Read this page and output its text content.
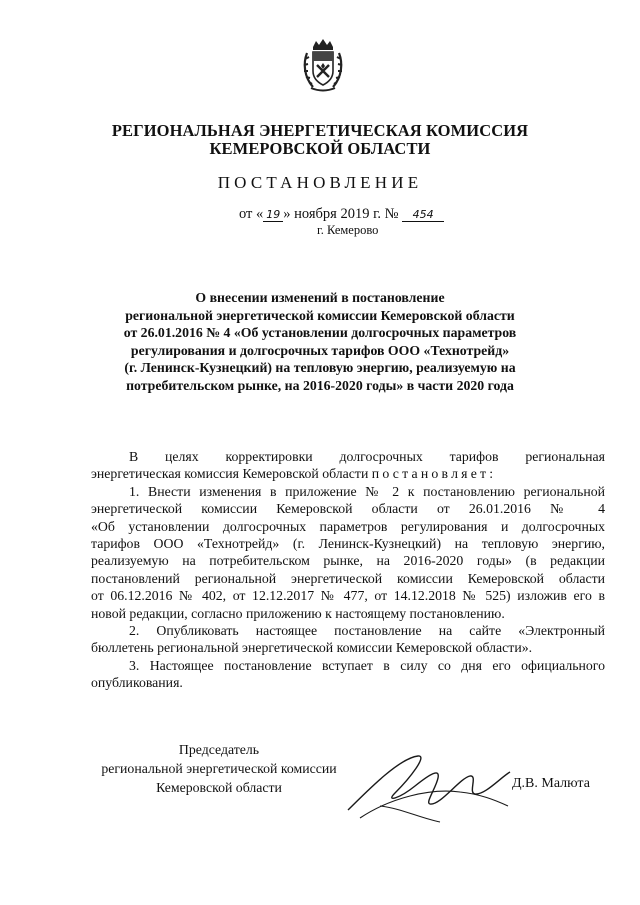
РЕГИОНАЛЬНАЯ ЭНЕРГЕТИЧЕСКАЯ КОМИССИЯ
КЕМЕРОВСКОЙ ОБЛАСТИ
ПОСТАНОВЛЕНИЕ
от « 19 » ноября 2019 г. № 454
г. Кемерово
О внесении изменений в постановление
региональной энергетической комиссии Кемеровской области
от 26.01.2016 № 4 «Об установлении долгосрочных параметров
регулирования и долгосрочных тарифов ООО «Технотрейд»
(г. Ленинск-Кузнецкий) на тепловую энергию, реализуемую на
потребительском рынке, на 2016-2020 годы» в части 2020 года
В целях корректировки долгосрочных тарифов региональная
энергетическая комиссия Кемеровской области постановляет:
1. Внести изменения в приложение № 2 к постановлению региональной
энергетической комиссии Кемеровской области от 26.01.2016 № 4
«Об установлении долгосрочных параметров регулирования и долгосрочных
тарифов ООО «Технотрейд» (г. Ленинск-Кузнецкий) на тепловую энергию,
реализуемую на потребительском рынке, на 2016-2020 годы» (в редакции
постановлений региональной энергетической комиссии Кемеровской области
от 06.12.2016 № 402, от 12.12.2017 № 477, от 14.12.2018 № 525) изложив его в
новой редакции, согласно приложению к настоящему постановлению.
2. Опубликовать настоящее постановление на сайте «Электронный
бюллетень региональной энергетической комиссии Кемеровской области».
3. Настоящее постановление вступает в силу со дня его официального
опубликования.
Председатель
региональной энергетической комиссии
Кемеровской области	Д.В. Малюта
